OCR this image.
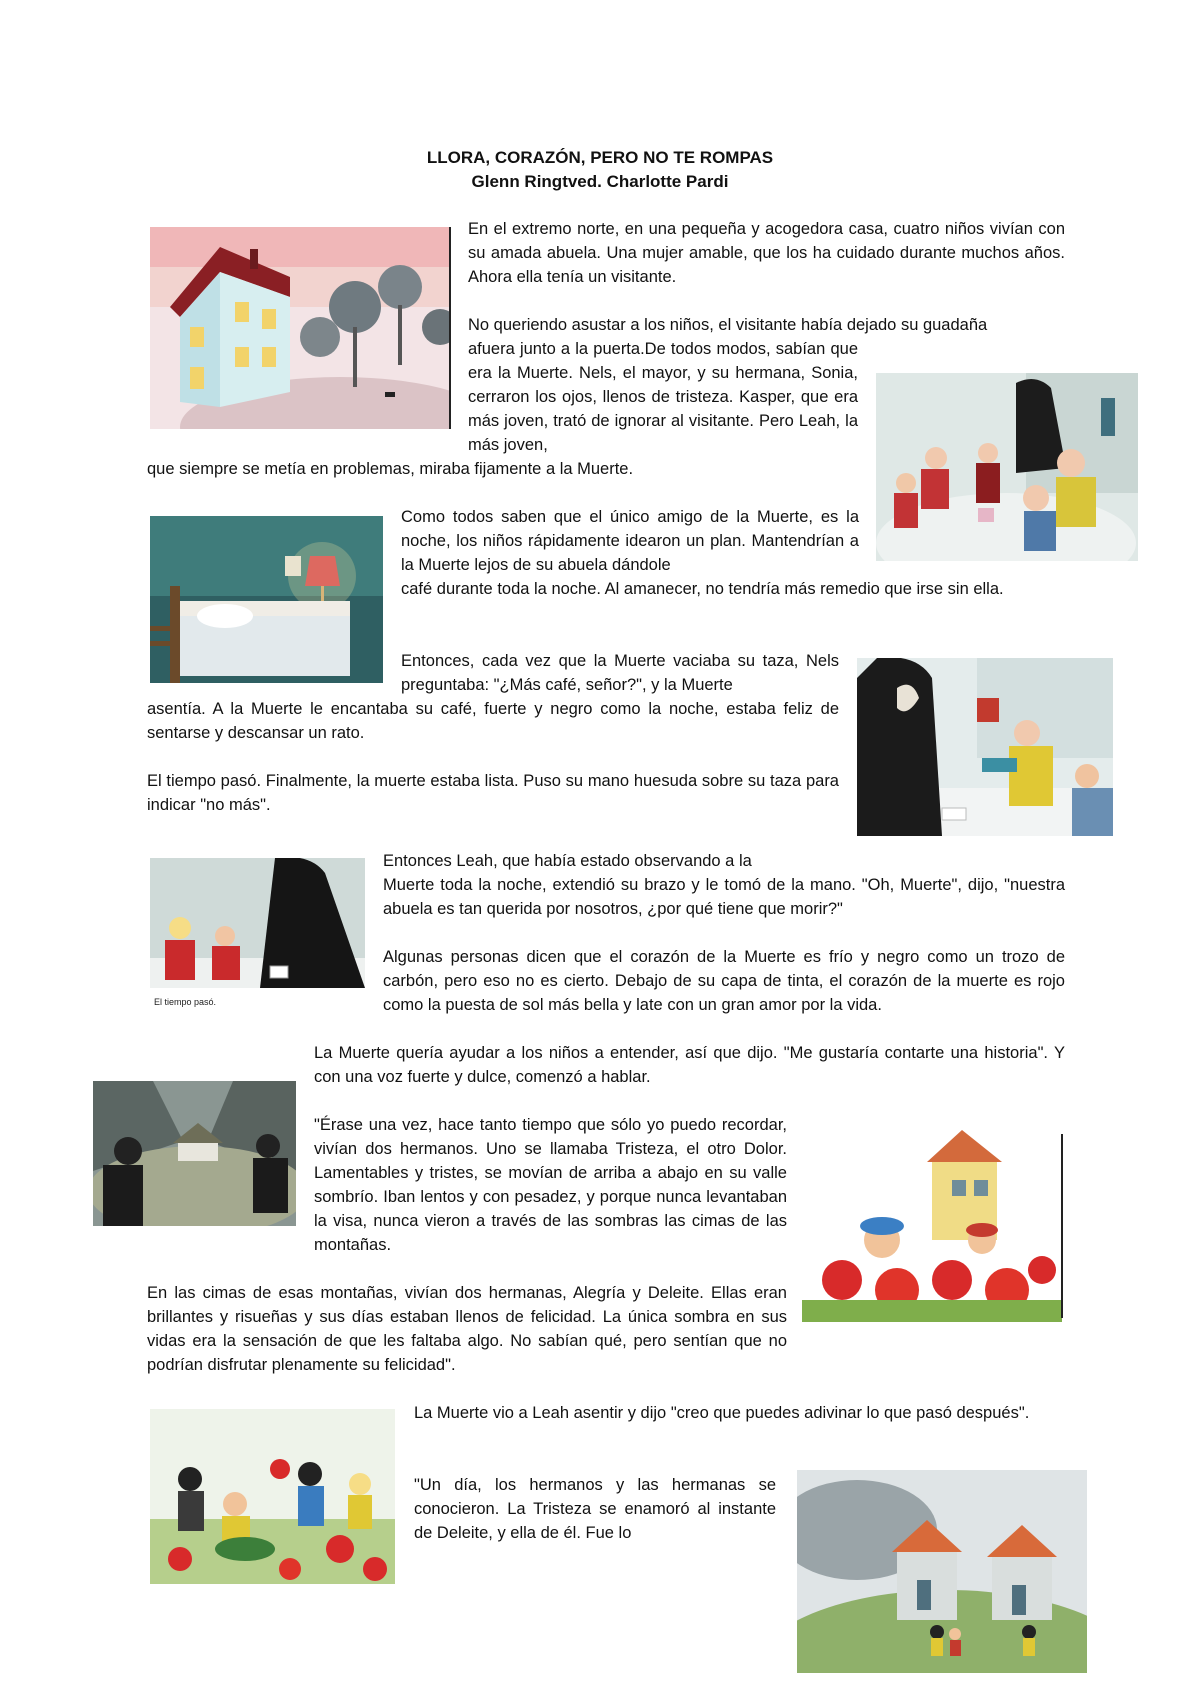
LLORA, CORAZÓN, PERO NO TE ROMPAS
Glenn Ringtved. Charlotte Pardi

En el extremo norte, en una pequeña y acogedora casa, cuatro niños vivían con su amada abuela. Una mujer amable, que los ha cuidado durante muchos años. Ahora ella tenía un visitante.

No queriendo asustar a los niños, el visitante había dejado su guadaña

afuera junto a la puerta.De todos modos, sabían que era la Muerte. Nels, el mayor, y su hermana, Sonia, cerraron los ojos, llenos de tristeza. Kasper, que era más joven, trató de ignorar al visitante. Pero Leah, la más joven,

que siempre se metía en problemas, miraba fijamente a la Muerte.

Como todos saben que el único amigo de la Muerte, es la noche, los niños rápidamente idearon un plan. Mantendrían a la Muerte lejos de su abuela dándole

café durante toda la noche. Al amanecer, no tendría más remedio que irse sin ella.

Entonces, cada vez que la Muerte vaciaba su taza, Nels preguntaba: "¿Más café, señor?", y la Muerte

asentía. A la Muerte le encantaba su café, fuerte y negro como la noche, estaba feliz de sentarse y descansar un rato.

El tiempo pasó. Finalmente, la muerte estaba lista. Puso su mano huesuda sobre su taza para indicar "no más".

El tiempo pasó.

Entonces Leah, que había estado observando a la

Muerte toda la noche, extendió su brazo y le tomó de la mano. "Oh, Muerte", dijo, "nuestra abuela es tan querida por nosotros, ¿por qué tiene que morir?"

Algunas personas dicen que el corazón de la Muerte es frío y negro como un trozo de carbón, pero eso no es cierto. Debajo de su capa de tinta, el corazón de la muerte es rojo como la puesta de sol más bella y late con un gran amor por la vida.

La Muerte quería ayudar a los niños a entender, así que dijo. "Me gustaría contarte una historia". Y con una voz fuerte y dulce, comenzó a hablar.

"Érase una vez, hace tanto tiempo que sólo yo puedo recordar, vivían dos hermanos. Uno se llamaba Tristeza, el otro Dolor. Lamentables y tristes, se movían de arriba a abajo en su valle sombrío. Iban lentos y con pesadez, y porque nunca levantaban la visa, nunca vieron a través de las sombras las cimas de las montañas.

En las cimas de esas montañas, vivían dos hermanas, Alegría y Deleite. Ellas eran brillantes y risueñas y sus días estaban llenos de felicidad. La única sombra en sus vidas era la sensación de que les faltaba algo. No sabían qué, pero sentían que no podrían disfrutar plenamente su felicidad".

La Muerte vio a Leah asentir y dijo "creo que puedes adivinar lo que pasó después".

"Un día, los hermanos y las hermanas se conocieron. La Tristeza se enamoró al instante de Deleite, y ella de él. Fue lo
